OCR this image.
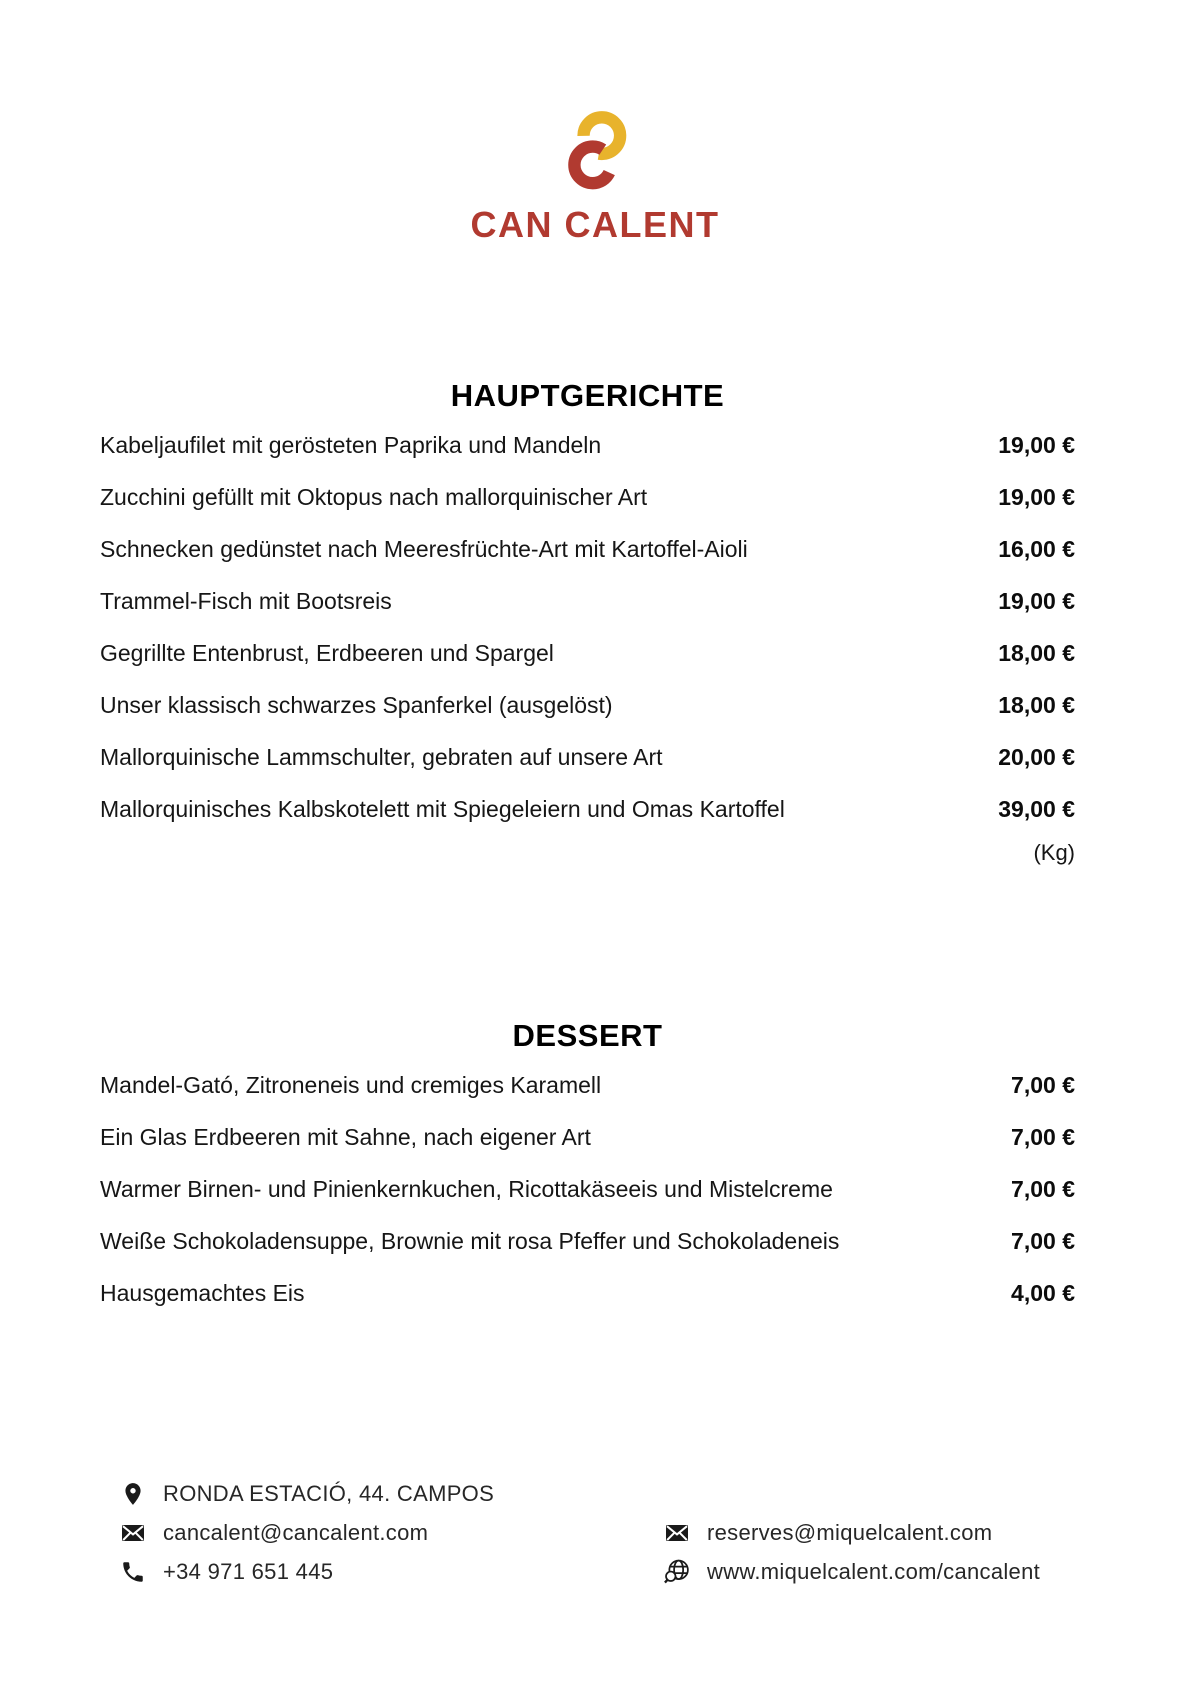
CAN CALENT
HAUPTGERICHTE
Kabeljaufilet mit gerösteten Paprika und Mandeln	19,00 €
Zucchini gefüllt mit Oktopus nach mallorquinischer Art	19,00 €
Schnecken gedünstet nach Meeresfrüchte-Art mit Kartoffel-Aioli	16,00 €
Trammel-Fisch mit Bootsreis	19,00 €
Gegrillte Entenbrust, Erdbeeren und Spargel	18,00 €
Unser klassisch schwarzes Spanferkel (ausgelöst)	18,00 €
Mallorquinische Lammschulter, gebraten auf unsere Art	20,00 €
Mallorquinisches Kalbskotelett mit Spiegeleiern und Omas Kartoffel	39,00 €
(Kg)
DESSERT
Mandel-Gató, Zitroneneis und cremiges Karamell	7,00 €
Ein Glas Erdbeeren mit Sahne, nach eigener Art	7,00 €
Warmer Birnen- und Pinienkernkuchen, Ricottakäseeis und Mistelcreme	7,00 €
Weiße Schokoladensuppe, Brownie mit rosa Pfeffer und Schokoladeneis	7,00 €
Hausgemachtes Eis	4,00 €
RONDA ESTACIÓ, 44. CAMPOS
cancalent@cancalent.com
+34 971 651 445
reserves@miquelcalent.com
www.miquelcalent.com/cancalent
